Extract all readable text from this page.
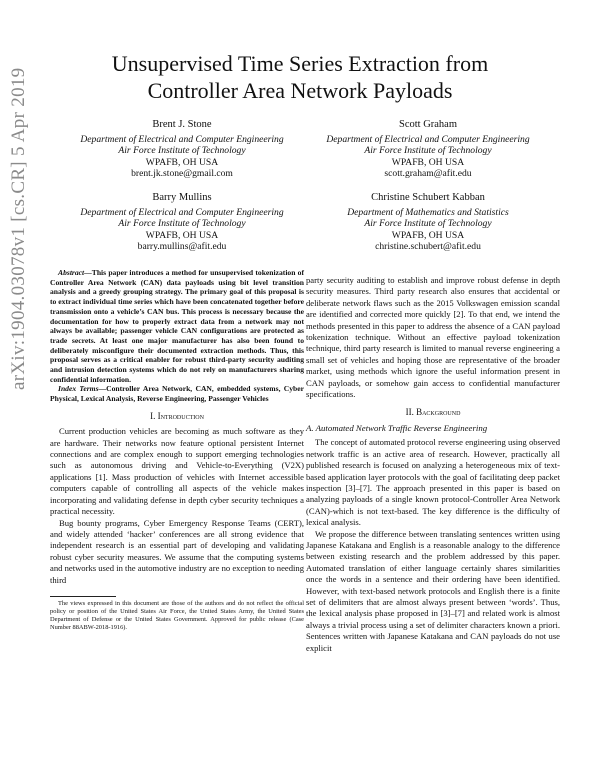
arXiv:1904.03078v1 [cs.CR] 5 Apr 2019
Unsupervised Time Series Extraction from
Controller Area Network Payloads
Brent J. Stone
Department of Electrical and Computer Engineering
Air Force Institute of Technology
WPAFB, OH USA
brent.jk.stone@gmail.com
Scott Graham
Department of Electrical and Computer Engineering
Air Force Institute of Technology
WPAFB, OH USA
scott.graham@afit.edu
Barry Mullins
Department of Electrical and Computer Engineering
Air Force Institute of Technology
WPAFB, OH USA
barry.mullins@afit.edu
Christine Schubert Kabban
Department of Mathematics and Statistics
Air Force Institute of Technology
WPAFB, OH USA
christine.schubert@afit.edu

Abstract—This paper introduces a method for unsupervised tokenization of Controller Area Network (CAN) data payloads using bit level transition analysis and a greedy grouping strategy. The primary goal of this proposal is to extract individual time series which have been concatenated together before transmission onto a vehicle’s CAN bus. This process is necessary because the documentation for how to properly extract data from a network may not always be available; passenger vehicle CAN configurations are protected as trade secrets. At least one major manufacturer has also been found to deliberately misconfigure their documented extraction methods. Thus, this proposal serves as a critical enabler for robust third-party security auditing and intrusion detection systems which do not rely on manufacturers sharing confidential information.

Index Terms—Controller Area Network, CAN, embedded systems, Cyber Physical, Lexical Analysis, Reverse Engineering, Passenger Vehicles

I. Introduction

Current production vehicles are becoming as much software as they are hardware. Their networks now feature optional persistent Internet connections and are complex enough to support emerging technologies such as autonomous driving and Vehicle-to-Everything (V2X) applications [1]. Mass production of vehicles with Internet accessible computers capable of controlling all aspects of the vehicle makes incorporating and validating defense in depth cyber security techniques a practical necessity.

Bug bounty programs, Cyber Emergency Response Teams (CERT), and widely attended ‘hacker’ conferences are all strong evidence that independent research is an essential part of developing and validating robust cyber security measures. We assume that the computing systems and networks used in the automotive industry are no exception to needing third

The views expressed in this document are those of the authors and do not reflect the official policy or position of the United States Air Force, the United States Army, the United States Department of Defense or the United States Government. Approved for public release (Case Number 88ABW-2018-1916).

party security auditing to establish and improve robust defense in depth security measures. Third party research also ensures that accidental or deliberate network flaws such as the 2015 Volkswagen emission scandal are identified and corrected more quickly [2]. To that end, we intend the methods presented in this paper to address the absence of a CAN payload tokenization technique. Without an effective payload tokenization technique, third party research is limited to manual reverse engineering a small set of vehicles and hoping those are representative of the broader market, using methods which ignore the useful information present in CAN payloads, or somehow gain access to confidential manufacturer specifications.

II. Background
A. Automated Network Traffic Reverse Engineering

The concept of automated protocol reverse engineering using observed network traffic is an active area of research. However, practically all published research is focused on analyzing a heterogeneous mix of text-based application layer protocols with the goal of facilitating deep packet inspection [3]–[7]. The approach presented in this paper is based on analyzing payloads of a single known protocol-Controller Area Network (CAN)-which is not text-based. The key difference is the difficulty of lexical analysis.

We propose the difference between translating sentences written using Japanese Katakana and English is a reasonable analogy to the difference between existing research and the problem addressed by this paper. Automated translation of either language certainly shares similarities once the words in a sentence and their ordering have been identified. However, with text-based network protocols and English there is a finite set of delimiters that are almost always present between ‘words’. Thus, the lexical analysis phase proposed in [3]–[7] and related work is almost always a trivial process using a set of delimiter characters known a priori. Sentences written with Japanese Katakana and CAN payloads do not use explicit
